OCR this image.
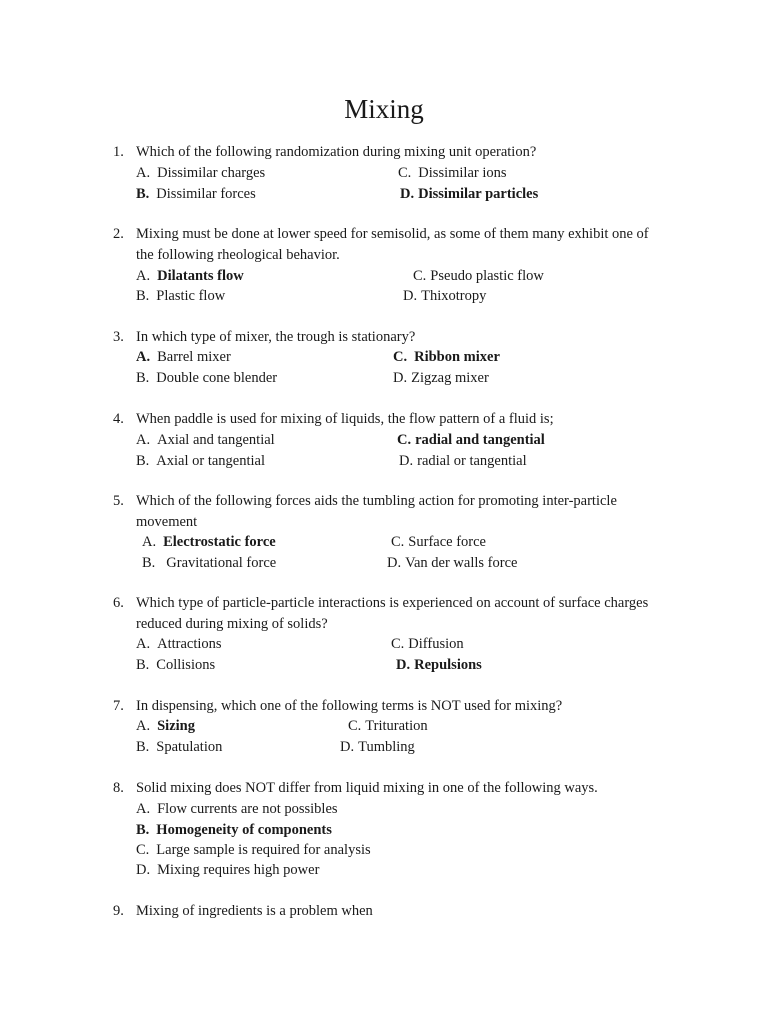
Mixing
1. Which of the following randomization during mixing unit operation?
A. Dissimilar charges	C. Dissimilar ions
B. Dissimilar forces	D. Dissimilar particles
2. Mixing must be done at lower speed for semisolid, as some of them many exhibit one of
the following rheological behavior.
A. Dilatants flow	C. Pseudo plastic flow
B. Plastic flow	D. Thixotropy
3. In which type of mixer, the trough is stationary?
A. Barrel mixer	C. Ribbon mixer
B. Double cone blender	D. Zigzag mixer
4. When paddle is used for mixing of liquids, the flow pattern of a fluid is;
A. Axial and tangential	C. radial and tangential
B. Axial or tangential	D. radial or tangential
5. Which of the following forces aids the tumbling action for promoting inter-particle
movement
A. Electrostatic force	C. Surface force
B. Gravitational force	D. Van der walls force
6. Which type of particle-particle interactions is experienced on account of surface charges
reduced during mixing of solids?
A. Attractions	C. Diffusion
B. Collisions	D. Repulsions
7. In dispensing, which one of the following terms is NOT used for mixing?
A. Sizing	C. Trituration
B. Spatulation	D. Tumbling
8. Solid mixing does NOT differ from liquid mixing in one of the following ways.
A. Flow currents are not possibles
B. Homogeneity of components
C. Large sample is required for analysis
D. Mixing requires high power
9. Mixing of ingredients is a problem when
